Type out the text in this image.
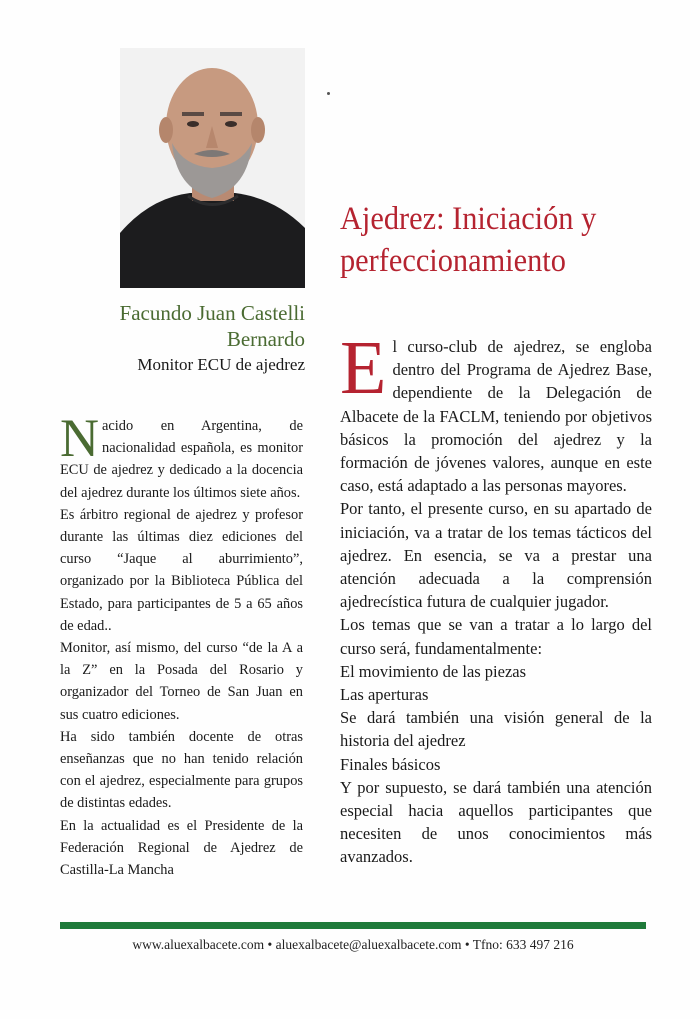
Facundo Juan Castelli
Bernardo
Monitor ECU de ajedrez

Nacido en Argentina, de nacionalidad española, es monitor ECU de ajedrez y dedicado a la docencia del ajedrez durante los últimos siete años.

Es árbitro regional de ajedrez y profesor durante las últimas diez ediciones del curso “Jaque al aburrimiento”, organizado por la Biblioteca Pública del Estado, para participantes de 5 a 65 años de edad..

Monitor, así mismo, del curso “de la A a la Z” en la Posada del Rosario y organizador del Torneo de San Juan en sus cuatro ediciones.

Ha sido también docente de otras enseñanzas que no han tenido relación con el ajedrez, especialmente para grupos de distintas edades.

En la actualidad es el Presidente de la Federación Regional de Ajedrez de Castilla-La Mancha

Ajedrez: Iniciación y
perfeccionamiento

El curso-club de ajedrez, se engloba dentro del Programa de Ajedrez Base, dependiente de la Delegación de Albacete de la FACLM, teniendo por objetivos básicos la promoción del ajedrez y la formación de jóvenes valores, aunque en este caso, está adaptado a las personas mayores.

Por tanto, el presente curso, en su apartado de iniciación, va a tratar de los temas tácticos del ajedrez. En esencia, se va a prestar una atención adecuada a la comprensión ajedrecística futura de cualquier jugador.

Los temas que se van a tratar a lo largo del curso será, fundamentalmente:

El movimiento de las piezas

Las aperturas

Se dará también una visión general de la historia del ajedrez

Finales básicos

Y por supuesto, se dará también una atención especial hacia aquellos participantes que necesiten de unos conocimientos más avanzados.

www.aluexalbacete.com • aluexalbacete@aluexalbacete.com • Tfno: 633 497 216
